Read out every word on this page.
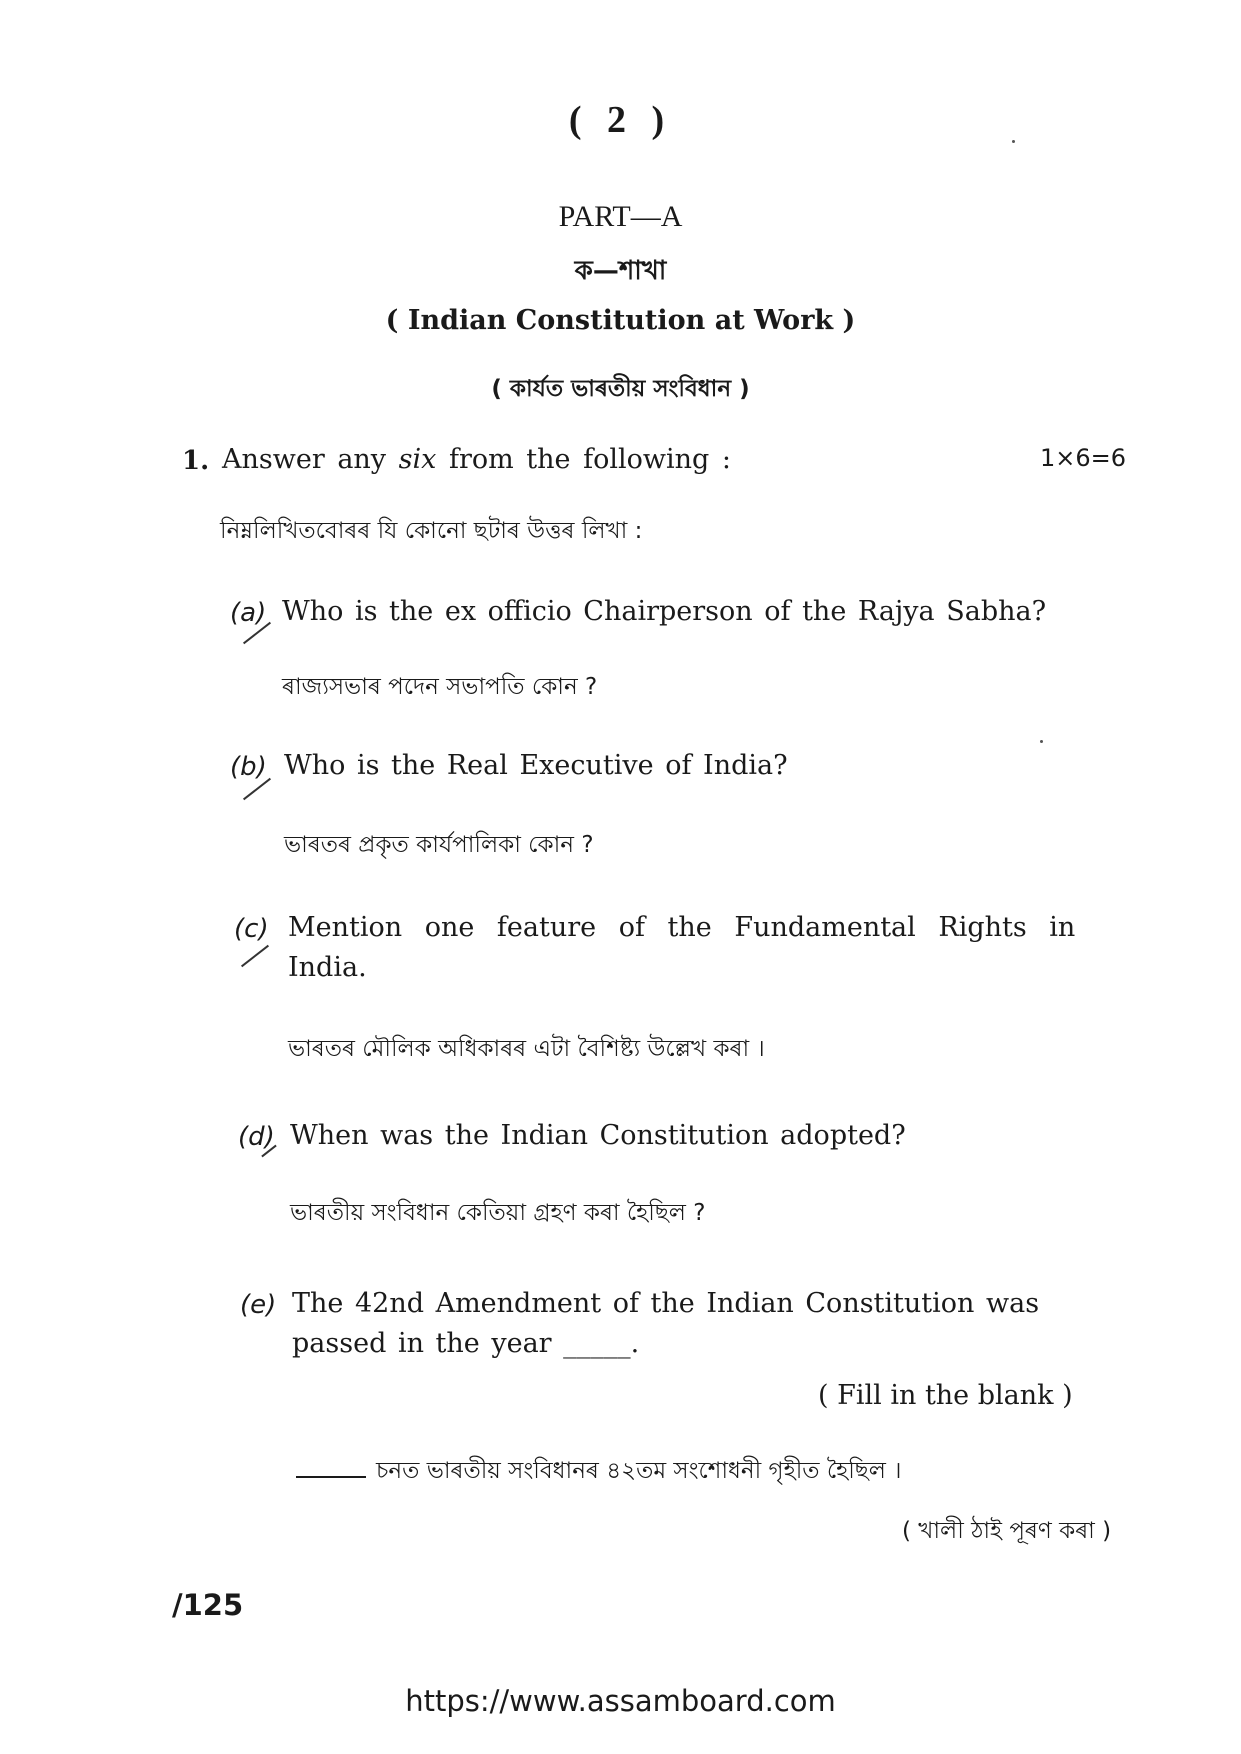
( 2 )
PART—A
ক—শাখা
( Indian Constitution at Work )
( কার্যত ভাৰতীয় সংবিধান )
1. Answer any six from the following :	1×6=6
নিম্নলিখিতবোৰৰ যি কোনো ছটাৰ উত্তৰ লিখা :
(a) Who is the ex officio Chairperson of the Rajya Sabha?
ৰাজ্যসভাৰ পদেন সভাপতি কোন ?
(b) Who is the Real Executive of India?
ভাৰতৰ প্ৰকৃত কাৰ্যপালিকা কোন ?
(c) Mention one feature of the Fundamental Rights in
India.
ভাৰতৰ মৌলিক অধিকাৰৰ এটা বৈশিষ্ট্য উল্লেখ কৰা ।
(d) When was the Indian Constitution adopted?
ভাৰতীয় সংবিধান কেতিয়া গ্ৰহণ কৰা হৈছিল ?
(e) The 42nd Amendment of the Indian Constitution was
passed in the year _____.
( Fill in the blank )
চনত ভাৰতীয় সংবিধানৰ ৪২তম সংশোধনী গৃহীত হৈছিল ।
( খালী ঠাই পূৰণ কৰা )
/125
https://www.assamboard.com
